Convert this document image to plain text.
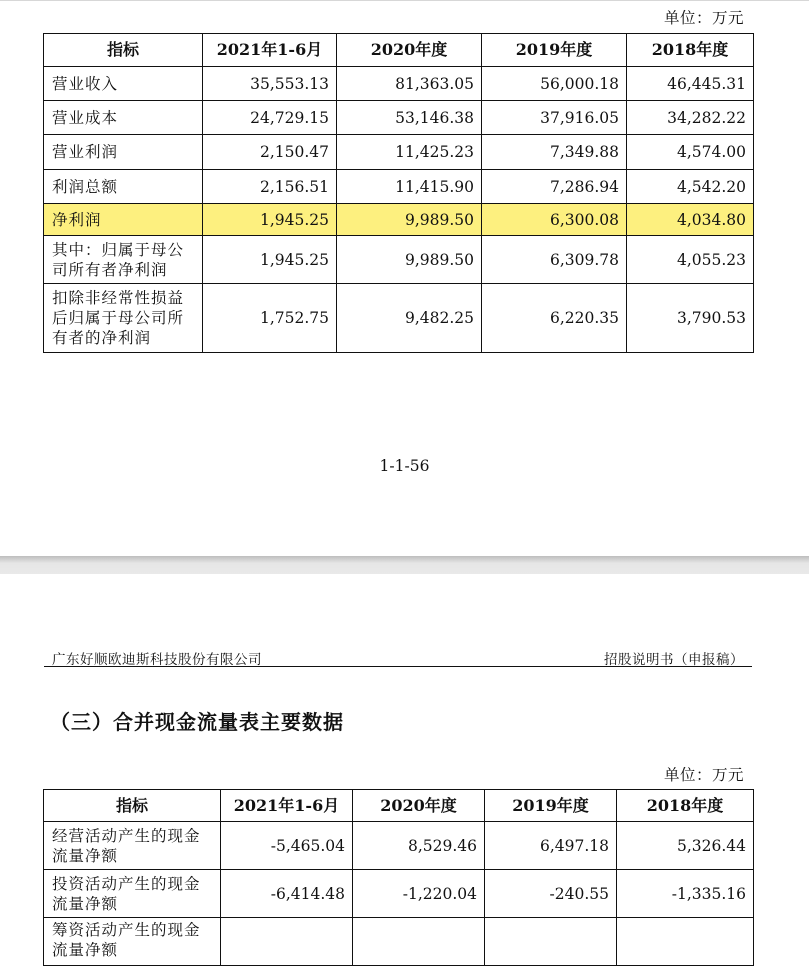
单位：万元
指标	2021年1-6月	2020年度	2019年度	2018年度
营业收入	35,553.13	81,363.05	56,000.18	46,445.31
营业成本	24,729.15	53,146.38	37,916.05	34,282.22
营业利润	2,150.47	11,425.23	7,349.88	4,574.00
利润总额	2,156.51	11,415.90	7,286.94	4,542.20
净利润	1,945.25	9,989.50	6,300.08	4,034.80
其中：归属于母公司所有者净利润	1,945.25	9,989.50	6,309.78	4,055.23
扣除非经常性损益后归属于母公司所有者的净利润	1,752.75	9,482.25	6,220.35	3,790.53
1-1-56
广东好顺欧迪斯科技股份有限公司	招股说明书（申报稿）
（三）合并现金流量表主要数据
单位：万元
指标	2021年1-6月	2020年度	2019年度	2018年度
经营活动产生的现金流量净额	-5,465.04	8,529.46	6,497.18	5,326.44
投资活动产生的现金流量净额	-6,414.48	-1,220.04	-240.55	-1,335.16
筹资活动产生的现金流量净额				
